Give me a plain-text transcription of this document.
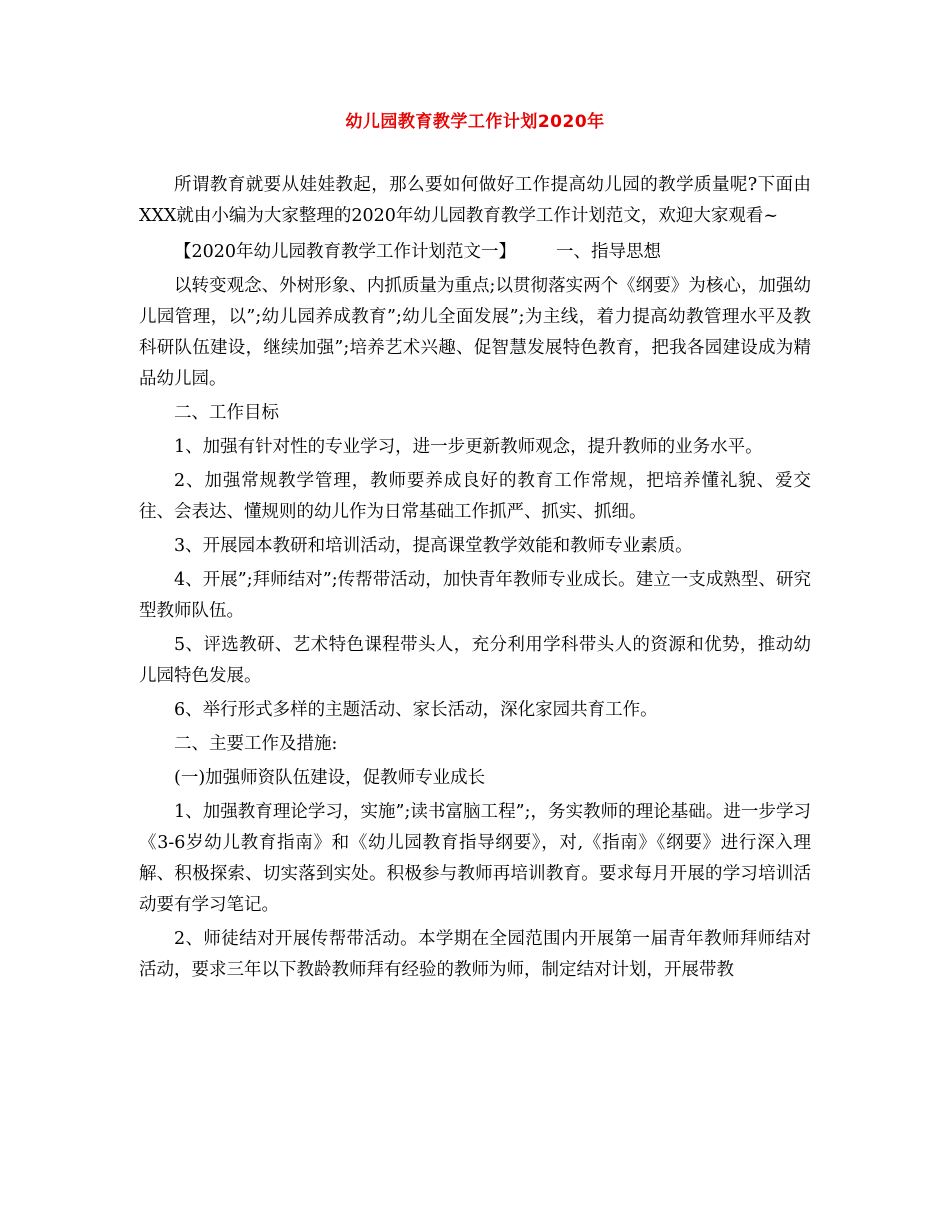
幼儿园教育教学工作计划2020年

所谓教育就要从娃娃教起，那么要如何做好工作提高幼儿园的教学质量呢?下面由XXX就由小编为大家整理的2020年幼儿园教育教学工作计划范文，欢迎大家观看~

【2020年幼儿园教育教学工作计划范文一】 一、指导思想

以转变观念、外树形象、内抓质量为重点;以贯彻落实两个《纲要》为核心，加强幼儿园管理，以”;幼儿园养成教育”;幼儿全面发展”;为主线，着力提高幼教管理水平及教科研队伍建设，继续加强”;培养艺术兴趣、促智慧发展特色教育，把我各园建设成为精品幼儿园。

二、工作目标

1、加强有针对性的专业学习，进一步更新教师观念，提升教师的业务水平。

2、加强常规教学管理，教师要养成良好的教育工作常规，把培养懂礼貌、爱交往、会表达、懂规则的幼儿作为日常基础工作抓严、抓实、抓细。

3、开展园本教研和培训活动，提高课堂教学效能和教师专业素质。

4、开展”;拜师结对”;传帮带活动，加快青年教师专业成长。建立一支成熟型、研究型教师队伍。

5、评选教研、艺术特色课程带头人，充分利用学科带头人的资源和优势，推动幼儿园特色发展。

6、举行形式多样的主题活动、家长活动，深化家园共育工作。

二、主要工作及措施:

(一)加强师资队伍建设，促教师专业成长

1、加强教育理论学习，实施”;读书富脑工程”;，务实教师的理论基础。进一步学习《3-6岁幼儿教育指南》和《幼儿园教育指导纲要》，对,《指南》《纲要》进行深入理解、积极探索、切实落到实处。积极参与教师再培训教育。要求每月开展的学习培训活动要有学习笔记。

2、师徒结对开展传帮带活动。本学期在全园范围内开展第一届青年教师拜师结对活动，要求三年以下教龄教师拜有经验的教师为师，制定结对计划，开展带教
